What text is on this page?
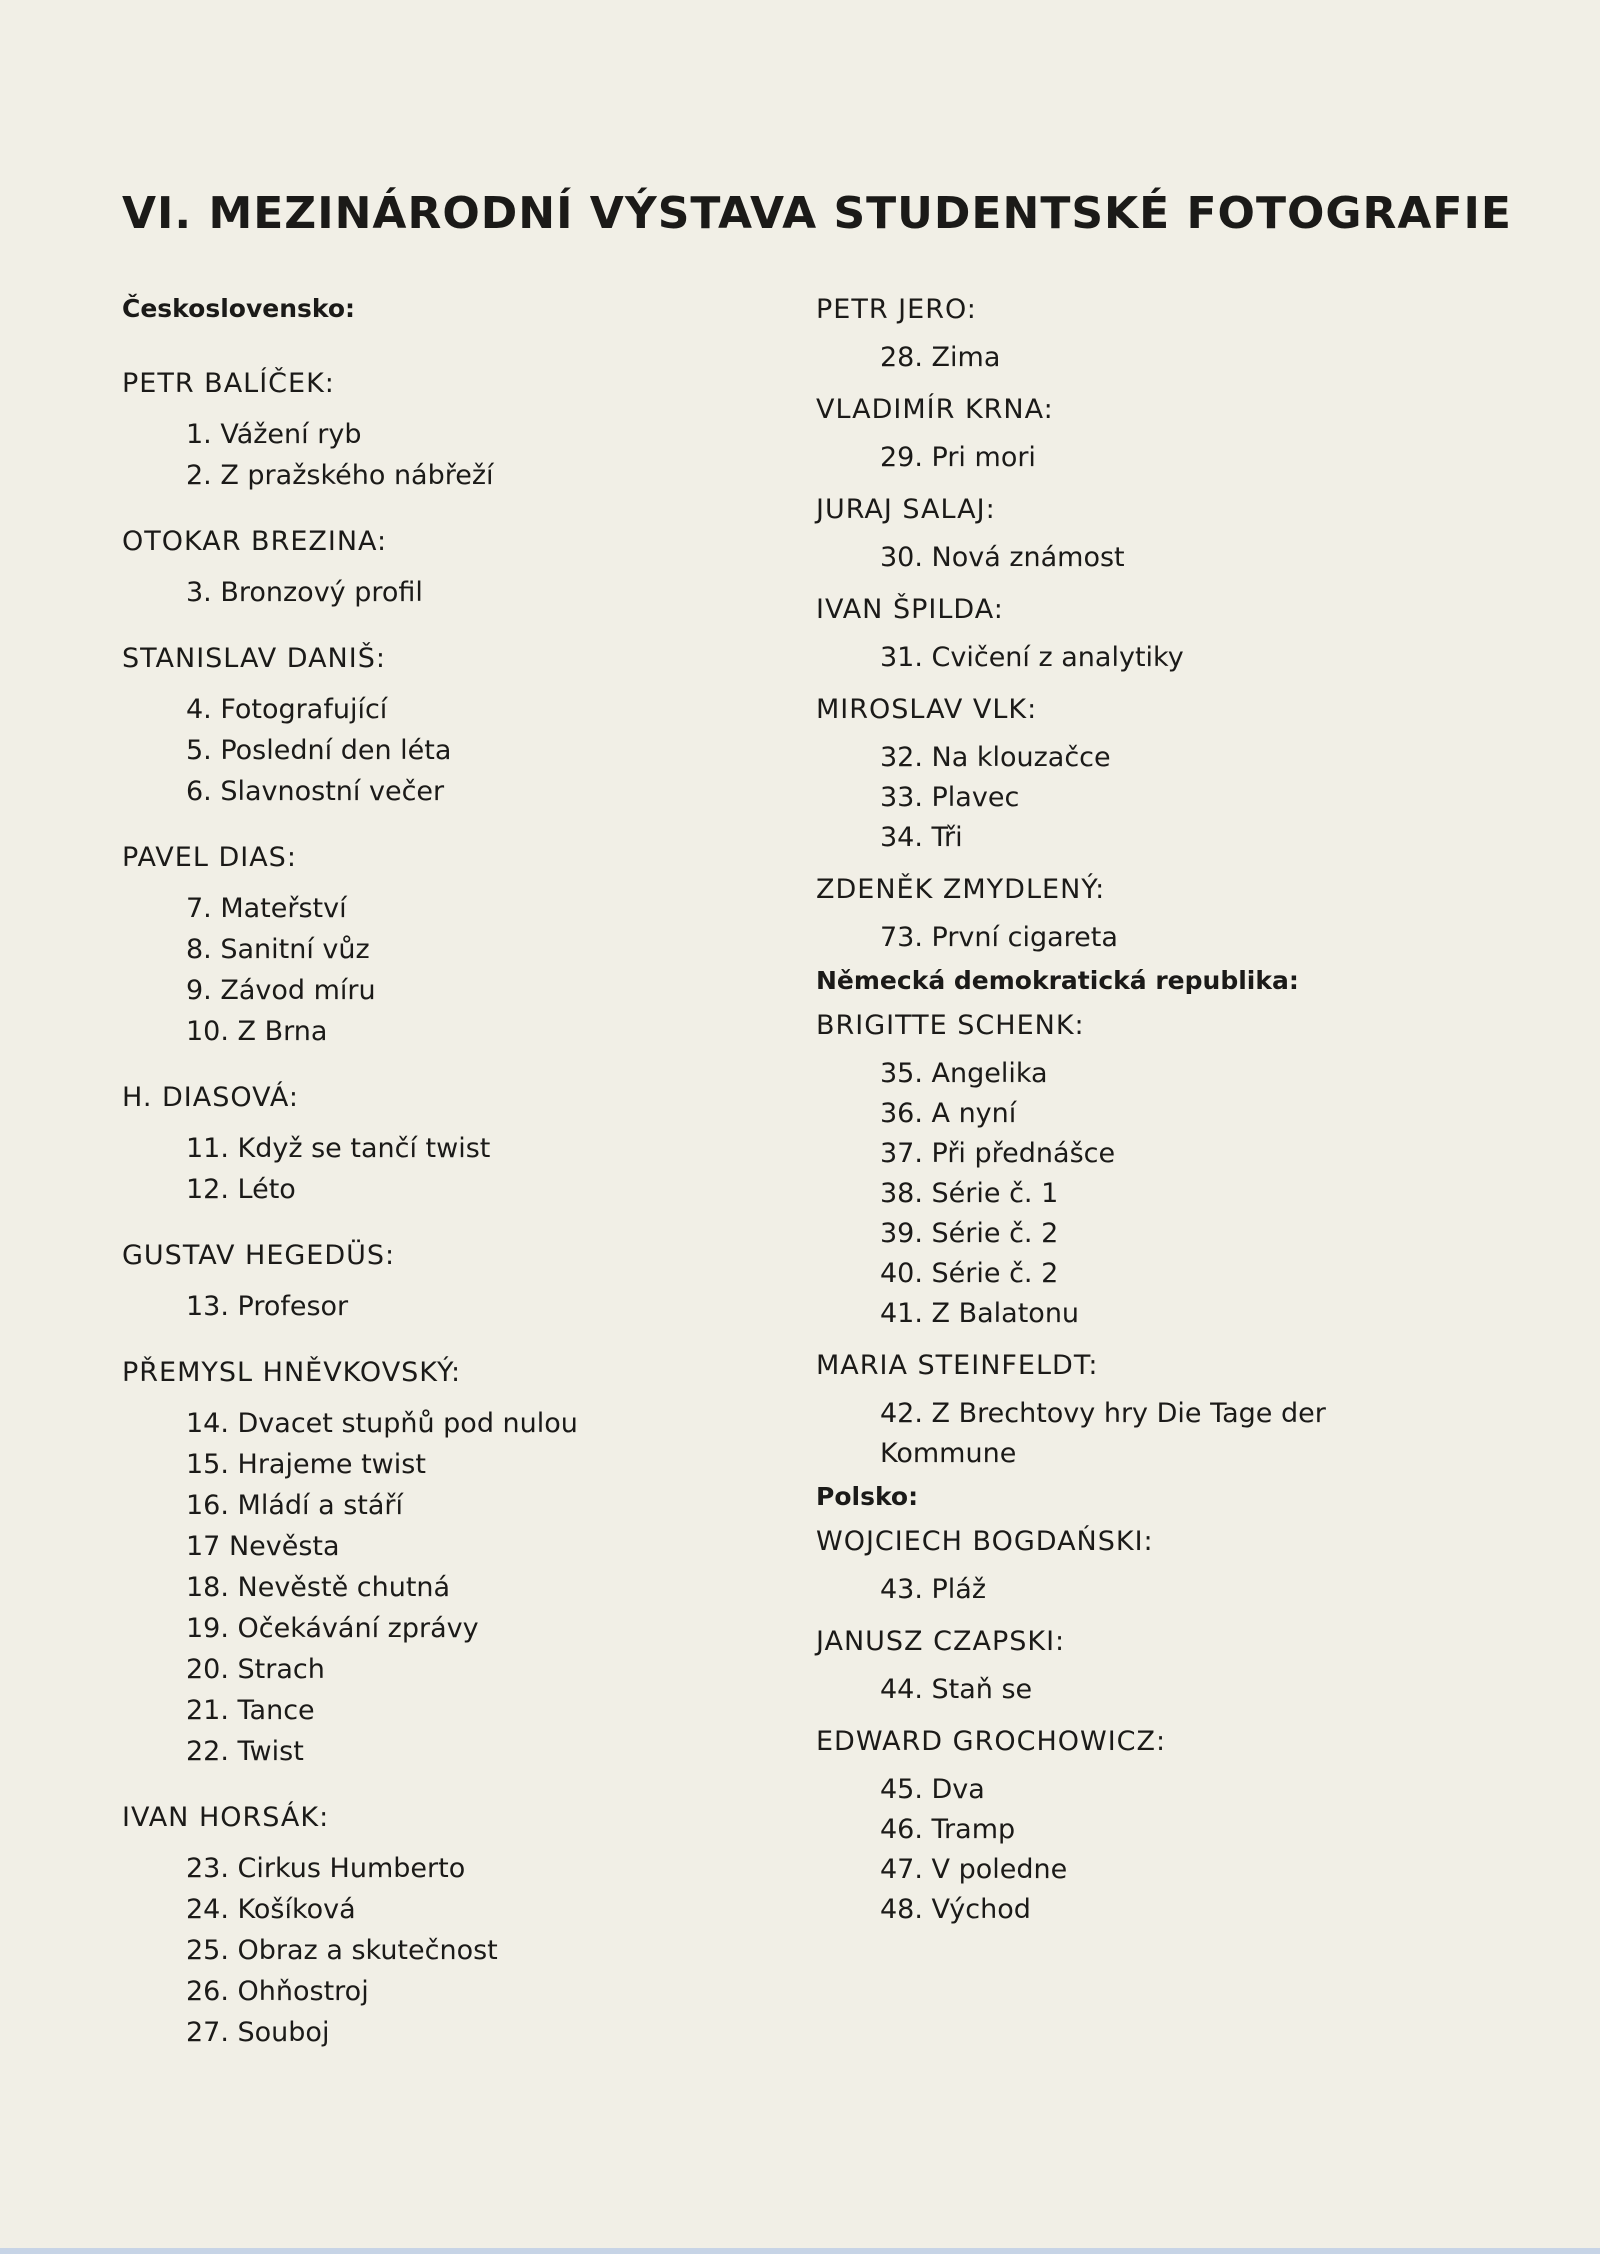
VI. MEZINÁRODNÍ VÝSTAVA STUDENTSKÉ FOTOGRAFIE
Československo:
PETR BALÍČEK:
1. Vážení ryb
2. Z pražského nábřeží
OTOKAR BREZINA:
3. Bronzový profil
STANISLAV DANIŠ:
4. Fotografující
5. Poslední den léta
6. Slavnostní večer
PAVEL DIAS:
7. Mateřství
8. Sanitní vůz
9. Závod míru
10. Z Brna
H. DIASOVÁ:
11. Když se tančí twist
12. Léto
GUSTAV HEGEDÜS:
13. Profesor
PŘEMYSL HNĚVKOVSKÝ:
14. Dvacet stupňů pod nulou
15. Hrajeme twist
16. Mládí a stáří
17 Nevěsta
18. Nevěstě chutná
19. Očekávání zprávy
20. Strach
21. Tance
22. Twist
IVAN HORSÁK:
23. Cirkus Humberto
24. Košíková
25. Obraz a skutečnost
26. Ohňostroj
27. Souboj
PETR JERO:
28. Zima
VLADIMÍR KRNA:
29. Pri mori
JURAJ SALAJ:
30. Nová známost
IVAN ŠPILDA:
31. Cvičení z analytiky
MIROSLAV VLK:
32. Na klouzačce
33. Plavec
34. Tři
ZDENĚK ZMYDLENÝ:
73. První cigareta
Německá demokratická republika:
BRIGITTE SCHENK:
35. Angelika
36. A nyní
37. Při přednášce
38. Série č. 1
39. Série č. 2
40. Série č. 2
41. Z Balatonu
MARIA STEINFELDT:
42. Z Brechtovy hry Die Tage der
Kommune
Polsko:
WOJCIECH BOGDAŃSKI:
43. Pláž
JANUSZ CZAPSKI:
44. Staň se
EDWARD GROCHOWICZ:
45. Dva
46. Tramp
47. V poledne
48. Východ
